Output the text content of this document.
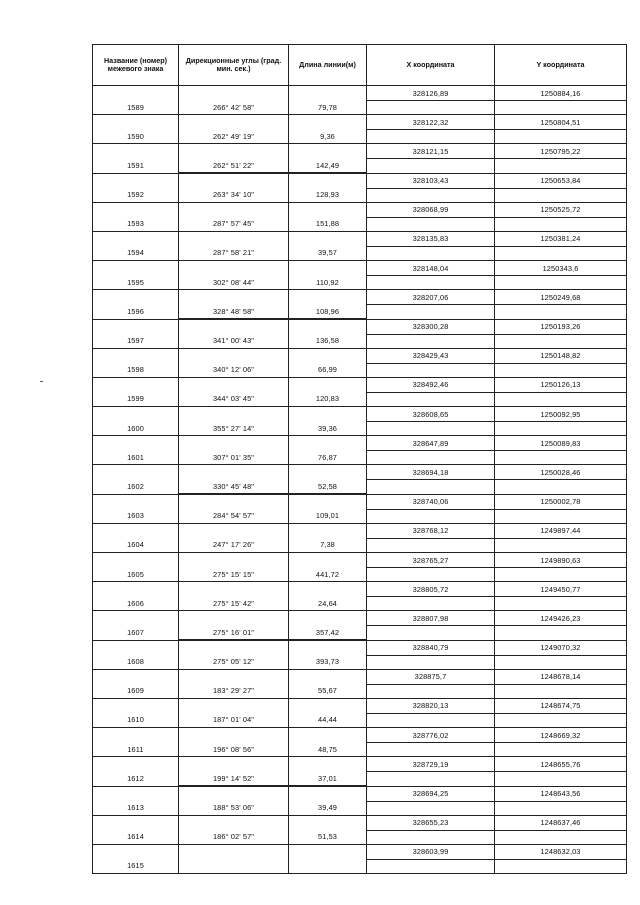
Название (номер) межевого знака	Дирекционные углы (град. мин. сек.)	Длина линии(м)	X координата	Y координата

1589	266° 42' 58"	79,78	328126,89	1250884,16

1590	262° 49' 19"	9,36	328122,32	1250804,51

1591	262° 51' 22"	142,49	328121,15	1250795,22

1592	263° 34' 10"	128,93	328103,43	1250653,84

1593	287° 57' 45"	151,88	328068,99	1250525,72

1594	287° 58' 21"	39,57	328135,83	1250381,24

1595	302° 08' 44"	110,92	328148,04	1250343,6

1596	328° 48' 58"	108,96	328207,06	1250249,68

1597	341° 00' 43"	136,58	328300,28	1250193,26

1598	340° 12' 06"	66,99	328429,43	1250148,82

1599	344° 03' 45"	120,83	328492,46	1250126,13

1600	355° 27' 14"	39,36	328608,65	1250092,95

1601	307° 01' 35"	76,87	328647,89	1250089,83

1602	330° 45' 48"	52,58	328694,18	1250028,46

1603	284° 54' 57"	109,01	328740,06	1250002,78

1604	247° 17' 26"	7,38	328768,12	1249897,44

1605	275° 15' 15"	441,72	328765,27	1249890,63

1606	275° 15' 42"	24,64	328805,72	1249450,77

1607	275° 16' 01"	357,42	328807,98	1249426,23

1608	275° 05' 12"	393,73	328840,79	1249070,32

1609	183° 29' 27"	55,67	328875,7	1248678,14

1610	187° 01' 04"	44,44	328820,13	1248674,75

1611	196° 08' 56"	48,75	328776,02	1248669,32

1612	199° 14' 52"	37,01	328729,19	1248655,76

1613	188° 53' 06"	39,49	328694,25	1248643,56

1614	186° 02' 57"	51,53	328655,23	1248637,46

1615			328603,99	1248632,03
